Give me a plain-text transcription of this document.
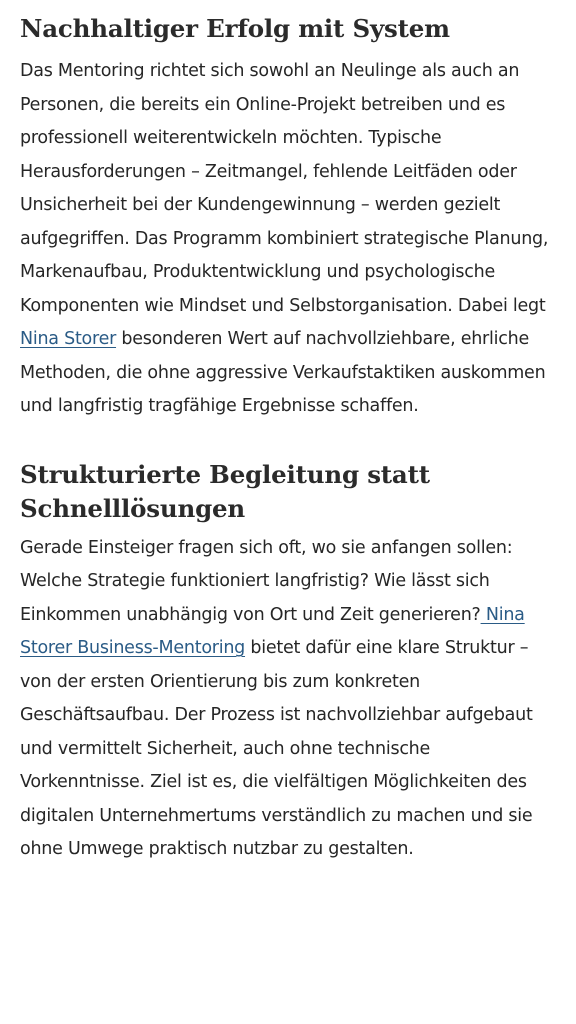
Nachhaltiger Erfolg mit System

Das Mentoring richtet sich sowohl an Neulinge als auch an Personen, die bereits ein Online-Projekt betreiben und es professionell weiterentwickeln möchten. Typische Herausforderungen – Zeitmangel, fehlende Leitfäden oder Unsicherheit bei der Kundengewinnung – werden gezielt aufgegriffen. Das Programm kombiniert strategische Planung, Markenaufbau, Produktentwicklung und psychologische Komponenten wie Mindset und Selbstorganisation. Dabei legt Nina Storer besonderen Wert auf nachvollziehbare, ehrliche Methoden, die ohne aggressive Verkaufstaktiken auskommen und langfristig tragfähige Ergebnisse schaffen.

Strukturierte Begleitung statt Schnelllösungen

Gerade Einsteiger fragen sich oft, wo sie anfangen sollen: Welche Strategie funktioniert langfristig? Wie lässt sich Einkommen unabhängig von Ort und Zeit generieren? Nina Storer Business-Mentoring bietet dafür eine klare Struktur – von der ersten Orientierung bis zum konkreten Geschäftsaufbau. Der Prozess ist nachvollziehbar aufgebaut und vermittelt Sicherheit, auch ohne technische Vorkenntnisse. Ziel ist es, die vielfältigen Möglichkeiten des digitalen Unternehmertums verständlich zu machen und sie ohne Umwege praktisch nutzbar zu gestalten.
